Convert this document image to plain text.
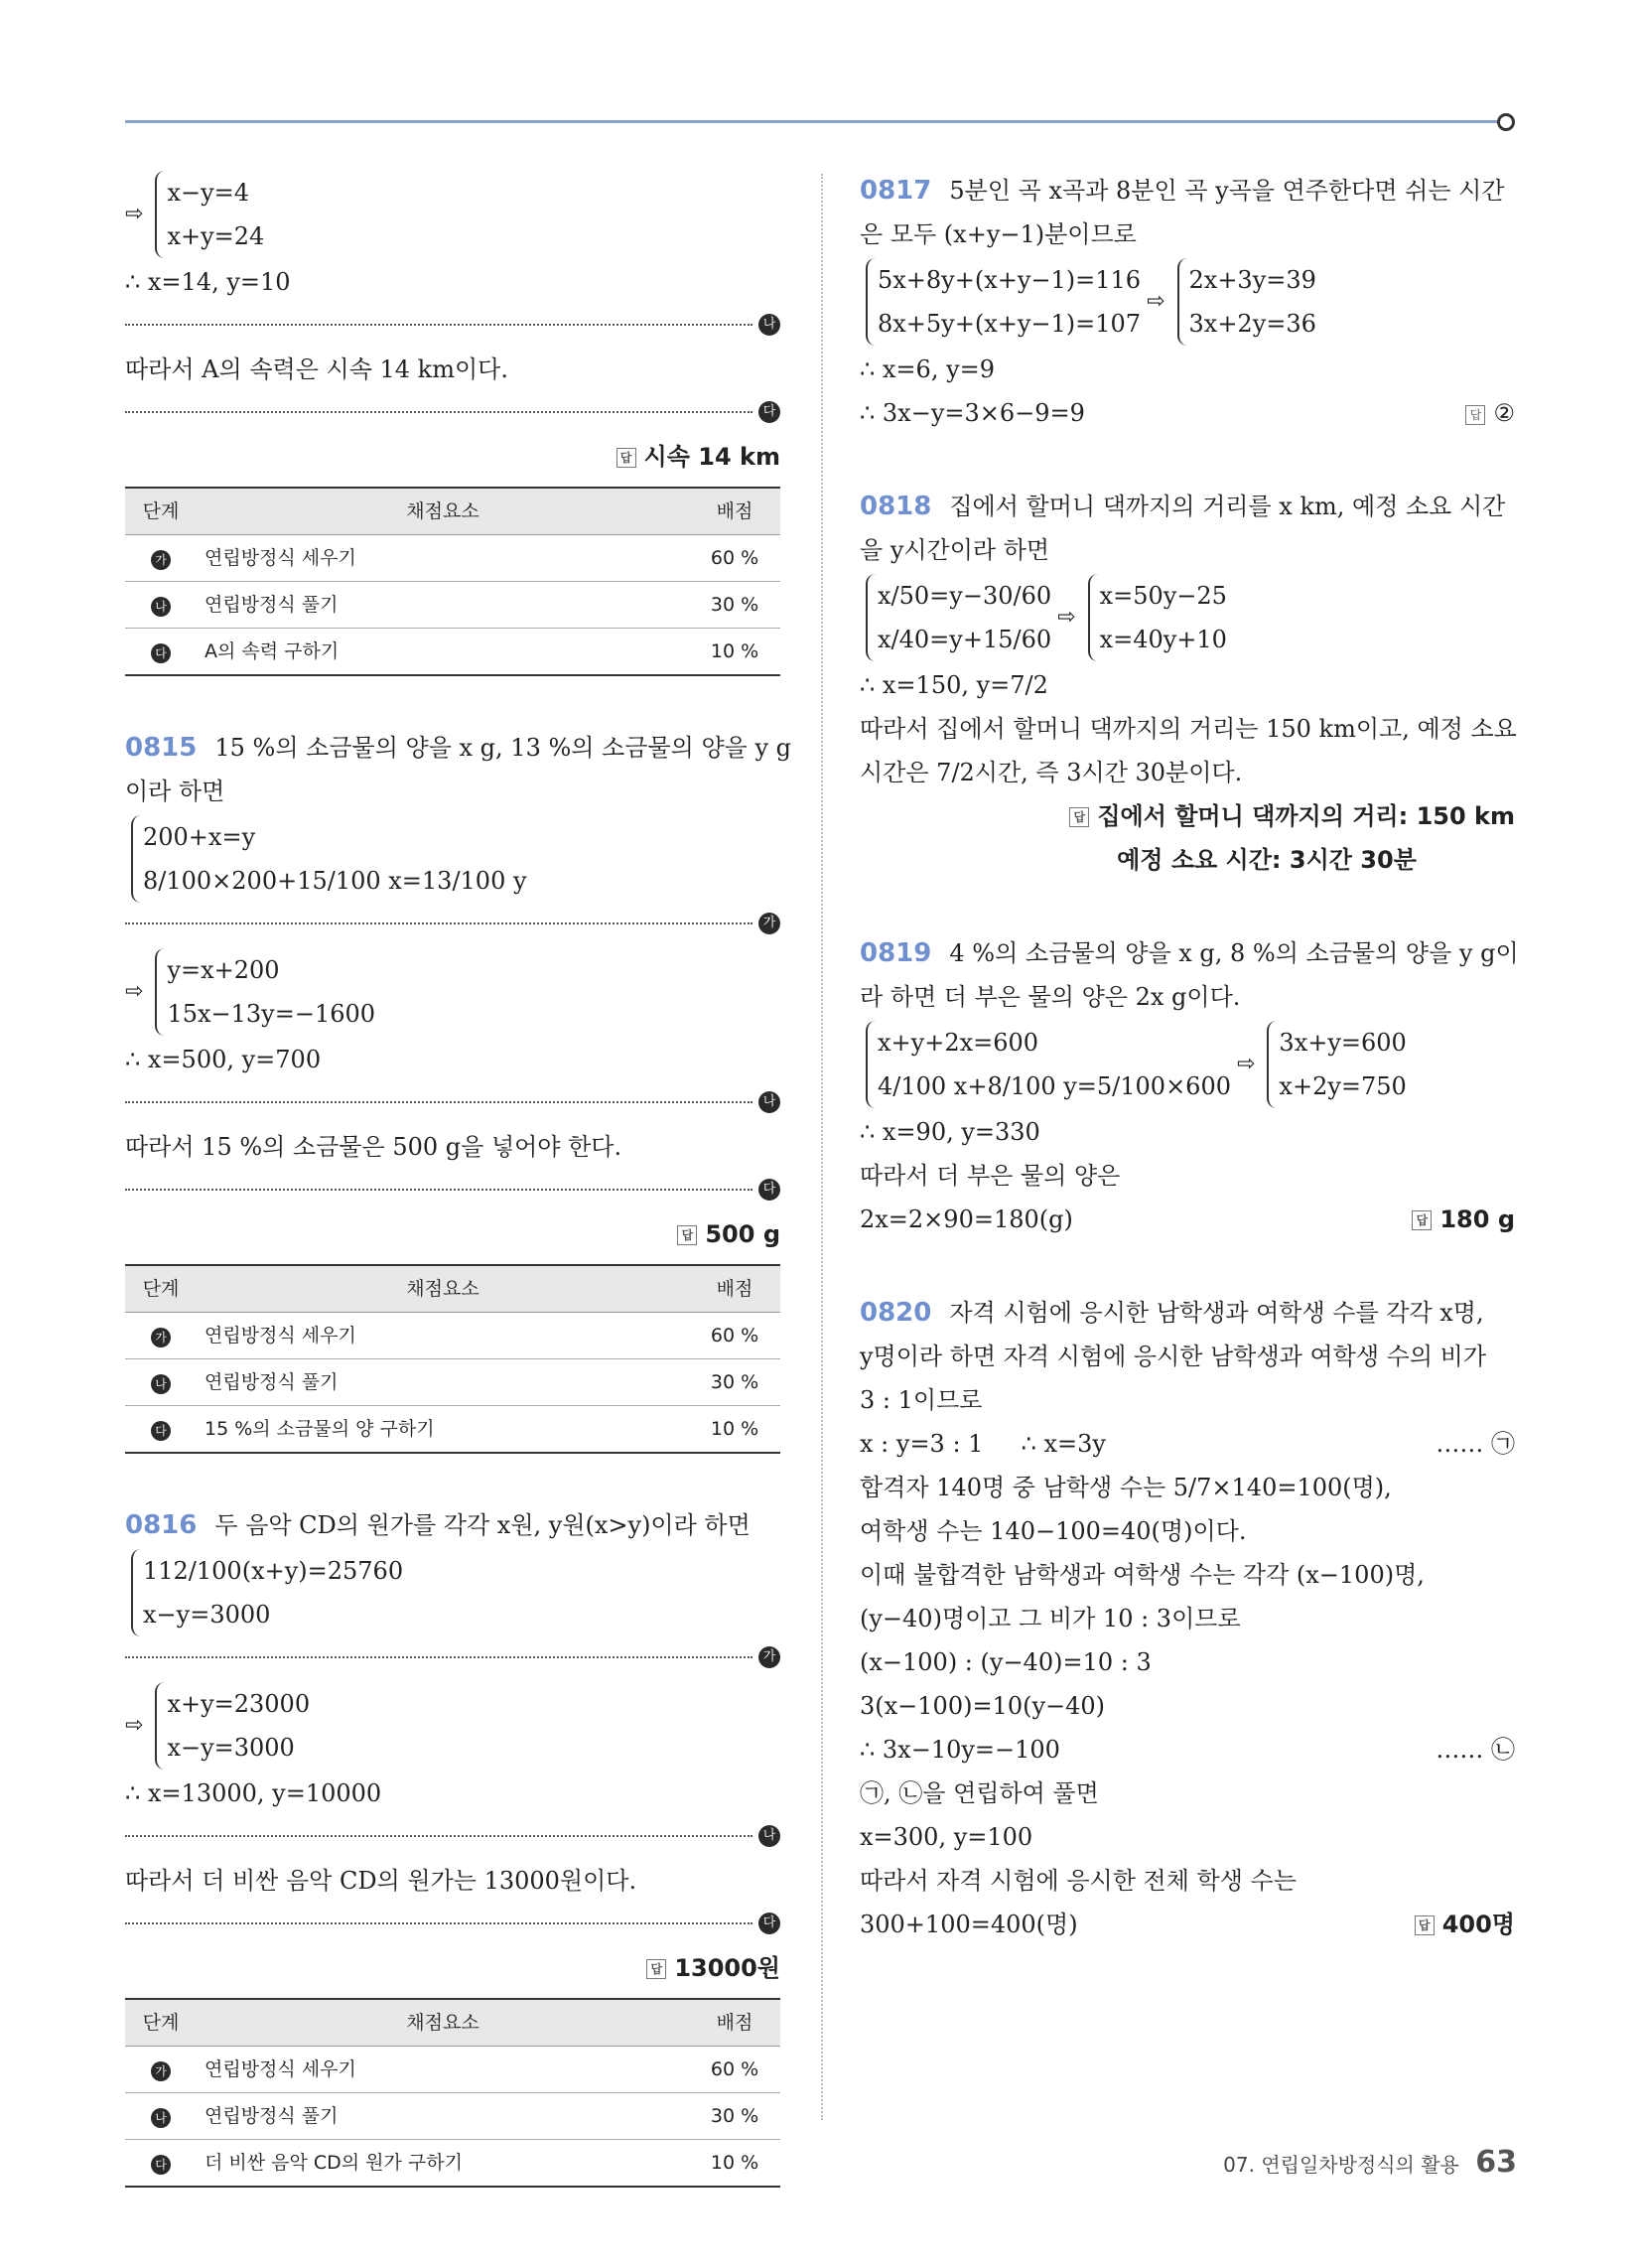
⇨
x−y=4
x+y=24
∴ x=14, y=10
나
따라서 A의 속력은 시속 14 km이다.
다
답 시속 14 km
단계	채점요소	배점
가	연립방정식 세우기	60 %
나	연립방정식 풀기	30 %
다	A의 속력 구하기	10 %
0815 15 %의 소금물의 양을 x g, 13 %의 소금물의 양을 y g
이라 하면
200+x=y
8/100×200+15/100 x=13/100 y
가
⇨
y=x+200
15x−13y=−1600
∴ x=500, y=700
나
따라서 15 %의 소금물은 500 g을 넣어야 한다.
다
답 500 g
단계	채점요소	배점
가	연립방정식 세우기	60 %
나	연립방정식 풀기	30 %
다	15 %의 소금물의 양 구하기	10 %
0816 두 음악 CD의 원가를 각각 x원, y원(x>y)이라 하면
112/100(x+y)=25760
x−y=3000
가
⇨
x+y=23000
x−y=3000
∴ x=13000, y=10000
나
따라서 더 비싼 음악 CD의 원가는 13000원이다.
다
답 13000원
단계	채점요소	배점
가	연립방정식 세우기	60 %
나	연립방정식 풀기	30 %
다	더 비싼 음악 CD의 원가 구하기	10 %
0817 5분인 곡 x곡과 8분인 곡 y곡을 연주한다면 쉬는 시간
은 모두 (x+y−1)분이므로
5x+8y+(x+y−1)=116
8x+5y+(x+y−1)=107
⇨
2x+3y=39
3x+2y=36
∴ x=6, y=9
∴ 3x−y=3×6−9=9	답 ②
0818 집에서 할머니 댁까지의 거리를 x km, 예정 소요 시간
을 y시간이라 하면
x/50=y−30/60
x/40=y+15/60
⇨
x=50y−25
x=40y+10
∴ x=150, y=7/2
따라서 집에서 할머니 댁까지의 거리는 150 km이고, 예정 소요
시간은 7/2시간, 즉 3시간 30분이다.
답 집에서 할머니 댁까지의 거리: 150 km
예정 소요 시간: 3시간 30분
0819 4 %의 소금물의 양을 x g, 8 %의 소금물의 양을 y g이
라 하면 더 부은 물의 양은 2x g이다.
x+y+2x=600
4/100 x+8/100 y=5/100×600
⇨
3x+y=600
x+2y=750
∴ x=90, y=330
따라서 더 부은 물의 양은
2x=2×90=180(g)	답 180 g
0820 자격 시험에 응시한 남학생과 여학생 수를 각각 x명,
y명이라 하면 자격 시험에 응시한 남학생과 여학생 수의 비가
3 : 1이므로
x : y=3 : 1     ∴ x=3y	…… ㉠
합격자 140명 중 남학생 수는 5/7×140=100(명),
여학생 수는 140−100=40(명)이다.
이때 불합격한 남학생과 여학생 수는 각각 (x−100)명,
(y−40)명이고 그 비가 10 : 3이므로
(x−100) : (y−40)=10 : 3
3(x−100)=10(y−40)
∴ 3x−10y=−100	…… ㉡
㉠, ㉡을 연립하여 풀면
x=300, y=100
따라서 자격 시험에 응시한 전체 학생 수는
300+100=400(명)	답 400명
07. 연립일차방정식의 활용 63
